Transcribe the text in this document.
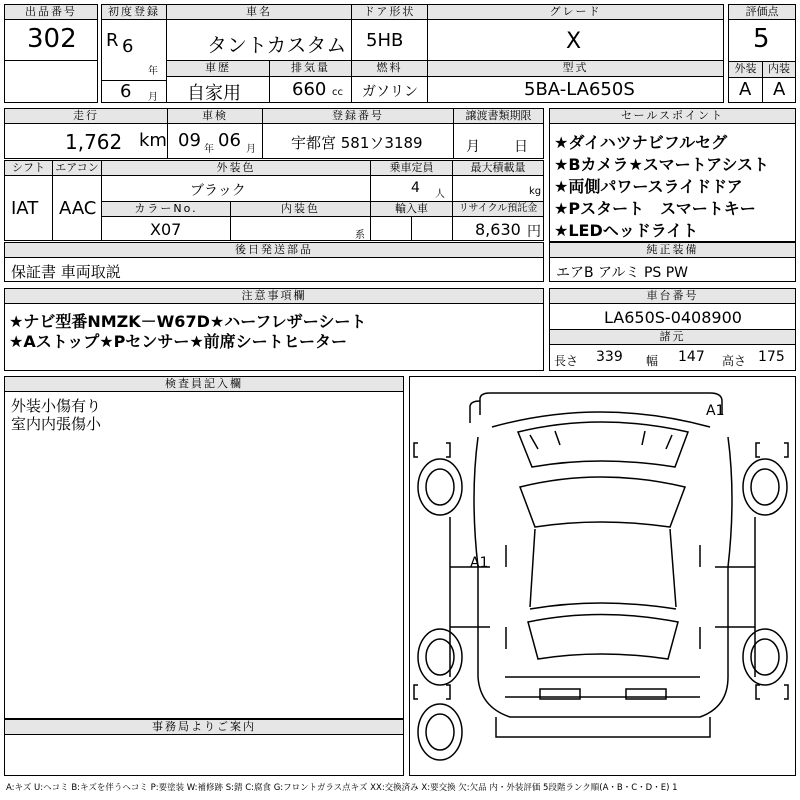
出品番号
302
初度登録
R 6
年
6 月
車名
タントカスタム
ドア形状
5HB
グレード
X
評価点
5
外装	内装
A A
車歴
自家用
排気量
660 cc
燃料
ガソリン
型式
5BA-LA650S
走行
1,762 km
車検
09 年 06 月
登録番号
宇都宮 581ソ3189
譲渡書類期限
月 日
シフト
IAT
エアコン
AAC
外装色
ブラック
カラーNo.
X07
内装色
系
乗車定員
4 人
最大積載量
kg
輸入車	リサイクル預託金
8,630 円
後日発送部品
保証書 車両取説
セールスポイント
★ダイハツナビフルセグ
★Bカメラ★スマートアシスト
★両側パワースライドドア
★Pスタート　スマートキー
★LEDヘッドライト
純正装備
エアB アルミ PS PW
注意事項欄
★ナビ型番NMZK－W67D★ハーフレザーシート
★Aストップ★Pセンサー★前席シートヒーター
車台番号
LA650S-0408900
諸元
長さ 339 幅 147 高さ 175
検査員記入欄
外装小傷有り
室内内張傷小
事務局よりご案内
A1
A1
A:キズ U:ヘコミ B:キズを伴うヘコミ P:要塗装 W:補修跡 S:錆 C:腐食 G:フロントガラス点キズ XX:交換済み X:要交換 欠:欠品 内・外装評価 5段階ランク順(A・B・C・D・E) 1
